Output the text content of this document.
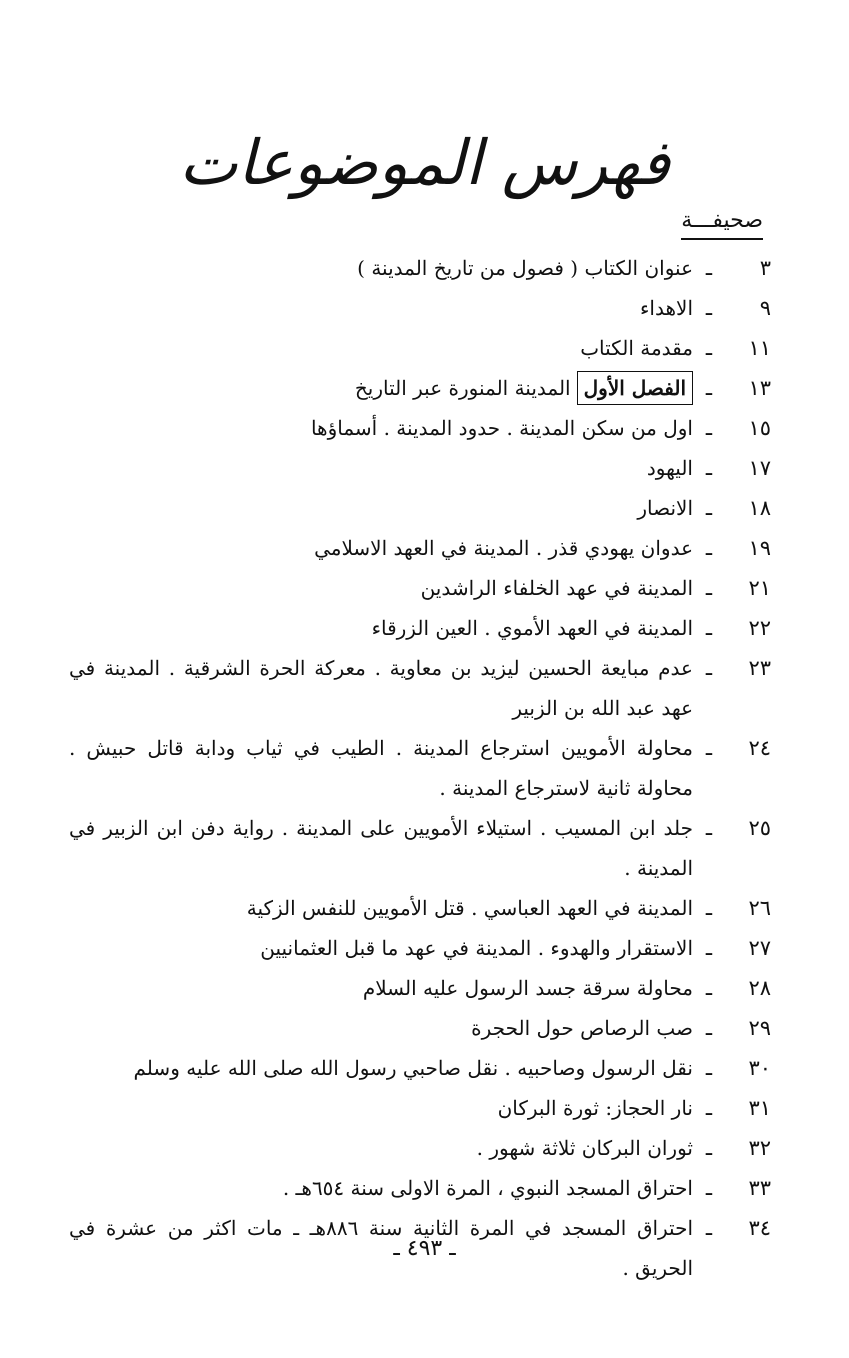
فهرس الموضوعات
صحيفـــة
٣
ـ
عنوان الكتاب ( فصول من تاريخ المدينة )
٩
ـ
الاهداء
١١
ـ
مقدمة الكتاب
١٣
ـ
الفصل الأولالمدينة المنورة عبر التاريخ
١٥
ـ
اول من سكن المدينة . حدود المدينة . أسماؤها
١٧
ـ
اليهود
١٨
ـ
الانصار
١٩
ـ
عدوان يهودي قذر . المدينة في العهد الاسلامي
٢١
ـ
المدينة في عهد الخلفاء الراشدين
٢٢
ـ
المدينة في العهد الأموي . العين الزرقاء
٢٣
ـ
عدم مبايعة الحسين ليزيد بن معاوية . معركة الحرة الشرقية . المدينة في عهد عبد الله بن الزبير
٢٤
ـ
محاولة الأمويين استرجاع المدينة . الطيب في ثياب ودابة قاتل حبيش . محاولة ثانية لاسترجاع المدينة .
٢٥
ـ
جلد ابن المسيب . استيلاء الأمويين على المدينة . رواية دفن ابن الزبير في المدينة .
٢٦
ـ
المدينة في العهد العباسي . قتل الأمويين للنفس الزكية
٢٧
ـ
الاستقرار والهدوء . المدينة في عهد ما قبل العثمانيين
٢٨
ـ
محاولة سرقة جسد الرسول عليه السلام
٢٩
ـ
صب الرصاص حول الحجرة
٣٠
ـ
نقل الرسول وصاحبيه . نقل صاحبي رسول الله صلى الله عليه وسلم
٣١
ـ
نار الحجاز: ثورة البركان
٣٢
ـ
ثوران البركان ثلاثة شهور .
٣٣
ـ
احتراق المسجد النبوي ، المرة الاولى سنة ٦٥٤هـ .
٣٤
ـ
احتراق المسجد في المرة الثانية سنة ٨٨٦هـ ـ مات اكثر من عشرة في الحريق .
ـ ٤٩٣ ـ
